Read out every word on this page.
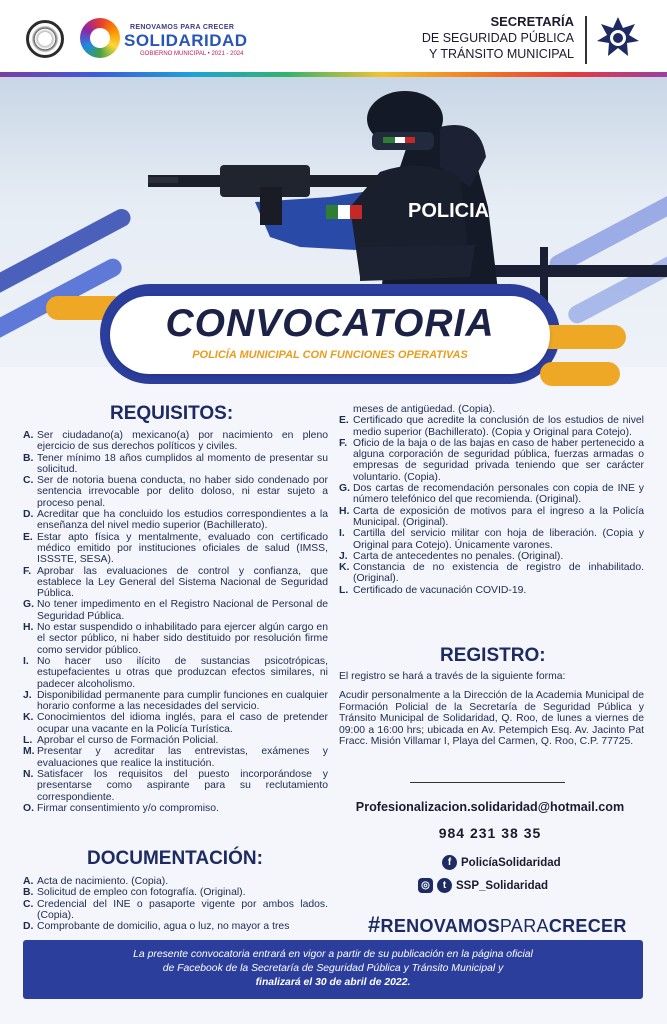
RENOVAMOS PARA CRECER
SOLIDARIDAD
GOBIERNO MUNICIPAL • 2021 - 2024
SECRETARÍA
DE SEGURIDAD PÚBLICA
Y TRÁNSITO MUNICIPAL
POLICIA
CONVOCATORIA
POLICÍA MUNICIPAL CON FUNCIONES OPERATIVAS
REQUISITOS:
A. Ser ciudadano(a) mexicano(a) por nacimiento en pleno ejercicio de sus derechos políticos y civiles.
B. Tener mínimo 18 años cumplidos al momento de presentar su solicitud.
C. Ser de notoria buena conducta, no haber sido condenado por sentencia irrevocable por delito doloso, ni estar sujeto a proceso penal.
D. Acreditar que ha concluido los estudios correspondientes a la enseñanza del nivel medio superior (Bachillerato).
E. Estar apto física y mentalmente, evaluado con certificado médico emitido por instituciones oficiales de salud (IMSS, ISSSTE, SESA).
F. Aprobar las evaluaciones de control y confianza, que establece la Ley General del Sistema Nacional de Seguridad Pública.
G. No tener impedimento en el Registro Nacional de Personal de Seguridad Pública.
H. No estar suspendido o inhabilitado para ejercer algún cargo en el sector público, ni haber sido destituido por resolución firme como servidor público.
I. No hacer uso ilícito de sustancias psicotrópicas, estupefacientes u otras que produzcan efectos similares, ni padecer alcoholismo.
J. Disponibilidad permanente para cumplir funciones en cualquier horario conforme a las necesidades del servicio.
K. Conocimientos del idioma inglés, para el caso de pretender ocupar una vacante en la Policía Turística.
L. Aprobar el curso de Formación Policial.
M. Presentar y acreditar las entrevistas, exámenes y evaluaciones que realice la institución.
N. Satisfacer los requisitos del puesto incorporándose y presentarse como aspirante para su reclutamiento correspondiente.
O. Firmar consentimiento y/o compromiso.
DOCUMENTACIÓN:
A. Acta de nacimiento. (Copia).
B. Solicitud de empleo con fotografía. (Original).
C. Credencial del INE o pasaporte vigente por ambos lados. (Copia).
D. Comprobante de domicilio, agua o luz, no mayor a tres
meses de antigüedad. (Copia).
E. Certificado que acredite la conclusión de los estudios de nivel medio superior (Bachillerato). (Copia y Original para Cotejo).
F. Oficio de la baja o de las bajas en caso de haber pertenecido a alguna corporación de seguridad pública, fuerzas armadas o empresas de seguridad privada teniendo que ser carácter voluntario. (Copia).
G. Dos cartas de recomendación personales con copia de INE y número telefónico del que recomienda. (Original).
H. Carta de exposición de motivos para el ingreso a la Policía Municipal. (Original).
I. Cartilla del servicio militar con hoja de liberación. (Copia y Original para Cotejo). Únicamente varones.
J. Carta de antecedentes no penales. (Original).
K. Constancia de no existencia de registro de inhabilitado. (Original).
L. Certificado de vacunación COVID-19.
REGISTRO:
El registro se hará a través de la siguiente forma:
Acudir personalmente a la Dirección de la Academia Municipal de Formación Policial de la Secretaría de Seguridad Pública y Tránsito Municipal de Solidaridad, Q. Roo, de lunes a viernes de 09:00 a 16:00 hrs; ubicada en Av. Petempich Esq. Av. Jacinto Pat Fracc. Misión Villamar I, Playa del Carmen, Q. Roo, C.P. 77725.
Profesionalizacion.solidaridad@hotmail.com
984 231 38 35
f PolicíaSolidaridad
◎	t SSP_Solidaridad
#RENOVAMOSPARACRECER
La presente convocatoria entrará en vigor a partir de su publicación en la página oficial
de Facebook de la Secretaría de Seguridad Pública y Tránsito Municipal y
finalizará el 30 de abril de 2022.
